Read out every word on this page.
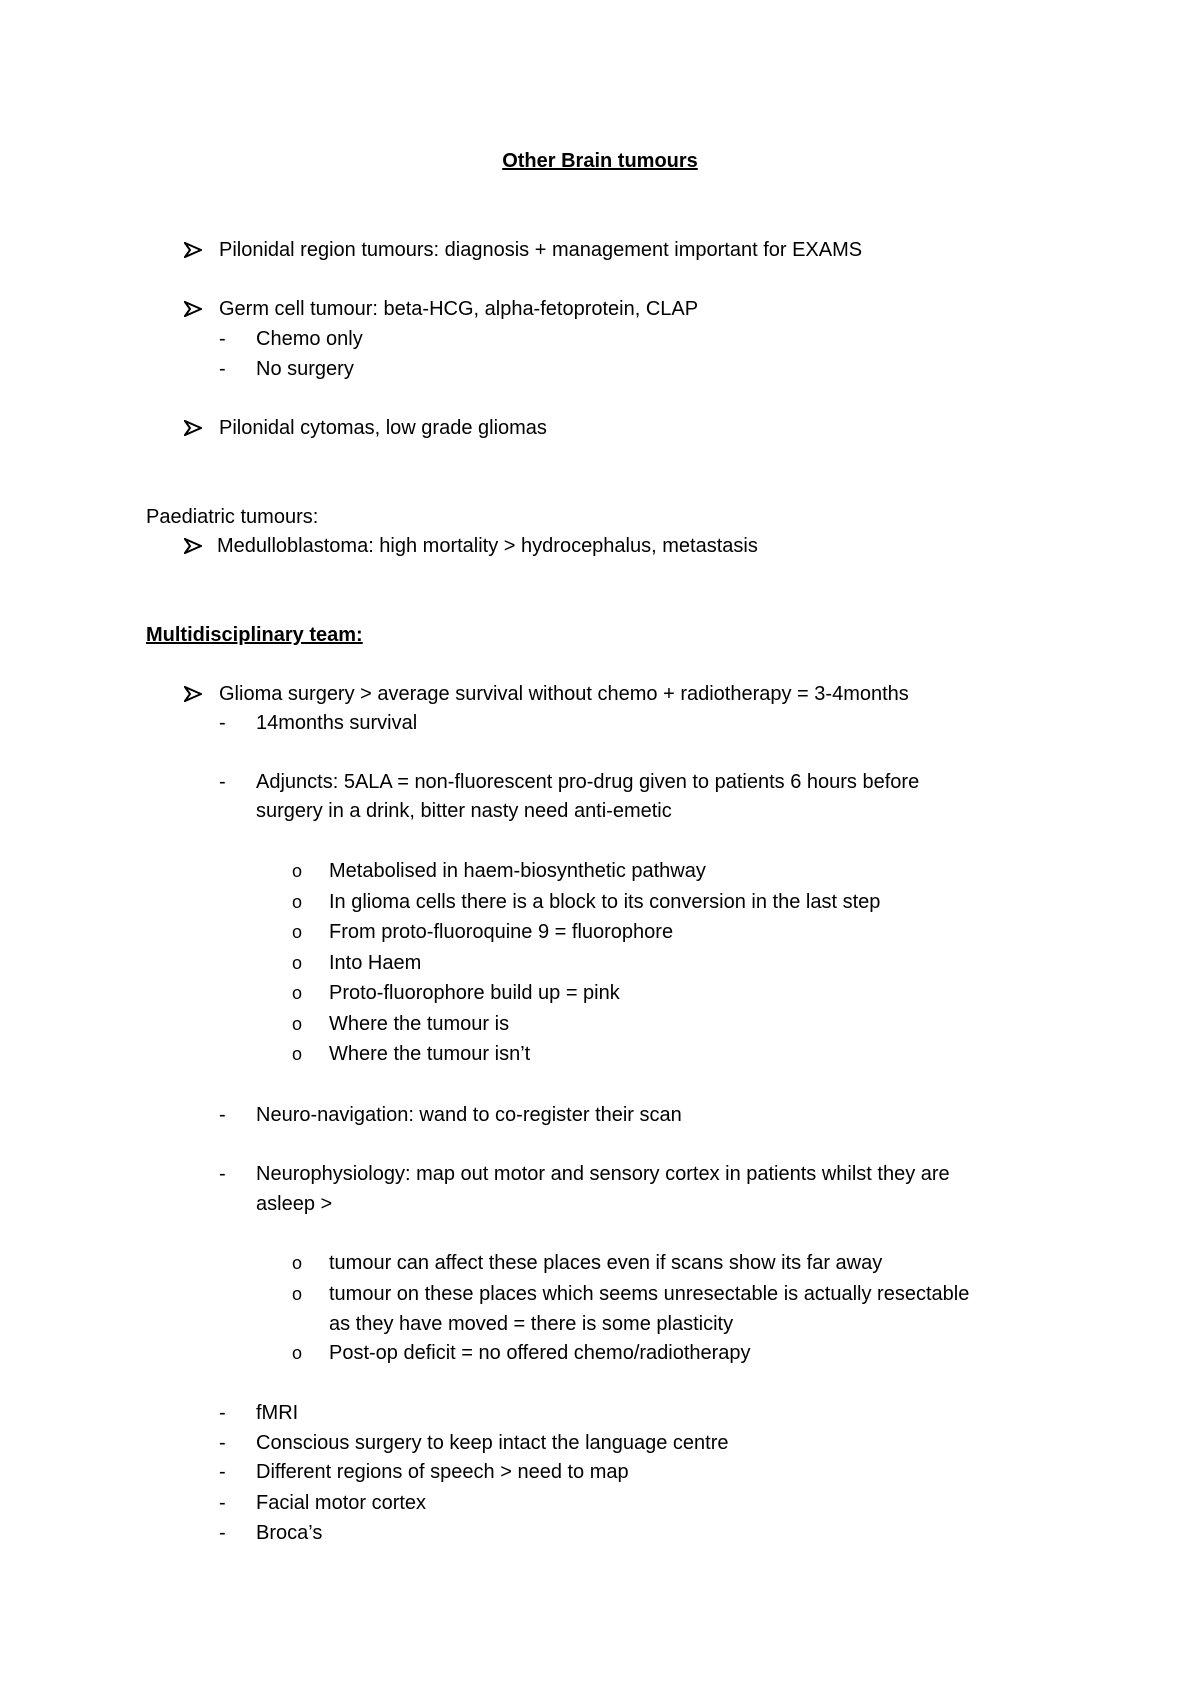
Other Brain tumours
Pilonidal region tumours: diagnosis + management important for EXAMS
Germ cell tumour: beta-HCG, alpha-fetoprotein, CLAP
- Chemo only
- No surgery
Pilonidal cytomas, low grade gliomas
Paediatric tumours:
Medulloblastoma: high mortality > hydrocephalus, metastasis
Multidisciplinary team:
Glioma surgery > average survival without chemo + radiotherapy = 3-4months
- 14months survival
- Adjuncts: 5ALA = non-fluorescent pro-drug given to patients 6 hours before
surgery in a drink, bitter nasty need anti-emetic
o Metabolised in haem-biosynthetic pathway
o In glioma cells there is a block to its conversion in the last step
o From proto-fluoroquine 9 = fluorophore
o Into Haem
o Proto-fluorophore build up = pink
o Where the tumour is
o Where the tumour isn’t
- Neuro-navigation: wand to co-register their scan
- Neurophysiology: map out motor and sensory cortex in patients whilst they are
asleep >
o tumour can affect these places even if scans show its far away
o tumour on these places which seems unresectable is actually resectable
as they have moved = there is some plasticity
o Post-op deficit = no offered chemo/radiotherapy
- fMRI
- Conscious surgery to keep intact the language centre
- Different regions of speech > need to map
- Facial motor cortex
- Broca’s
